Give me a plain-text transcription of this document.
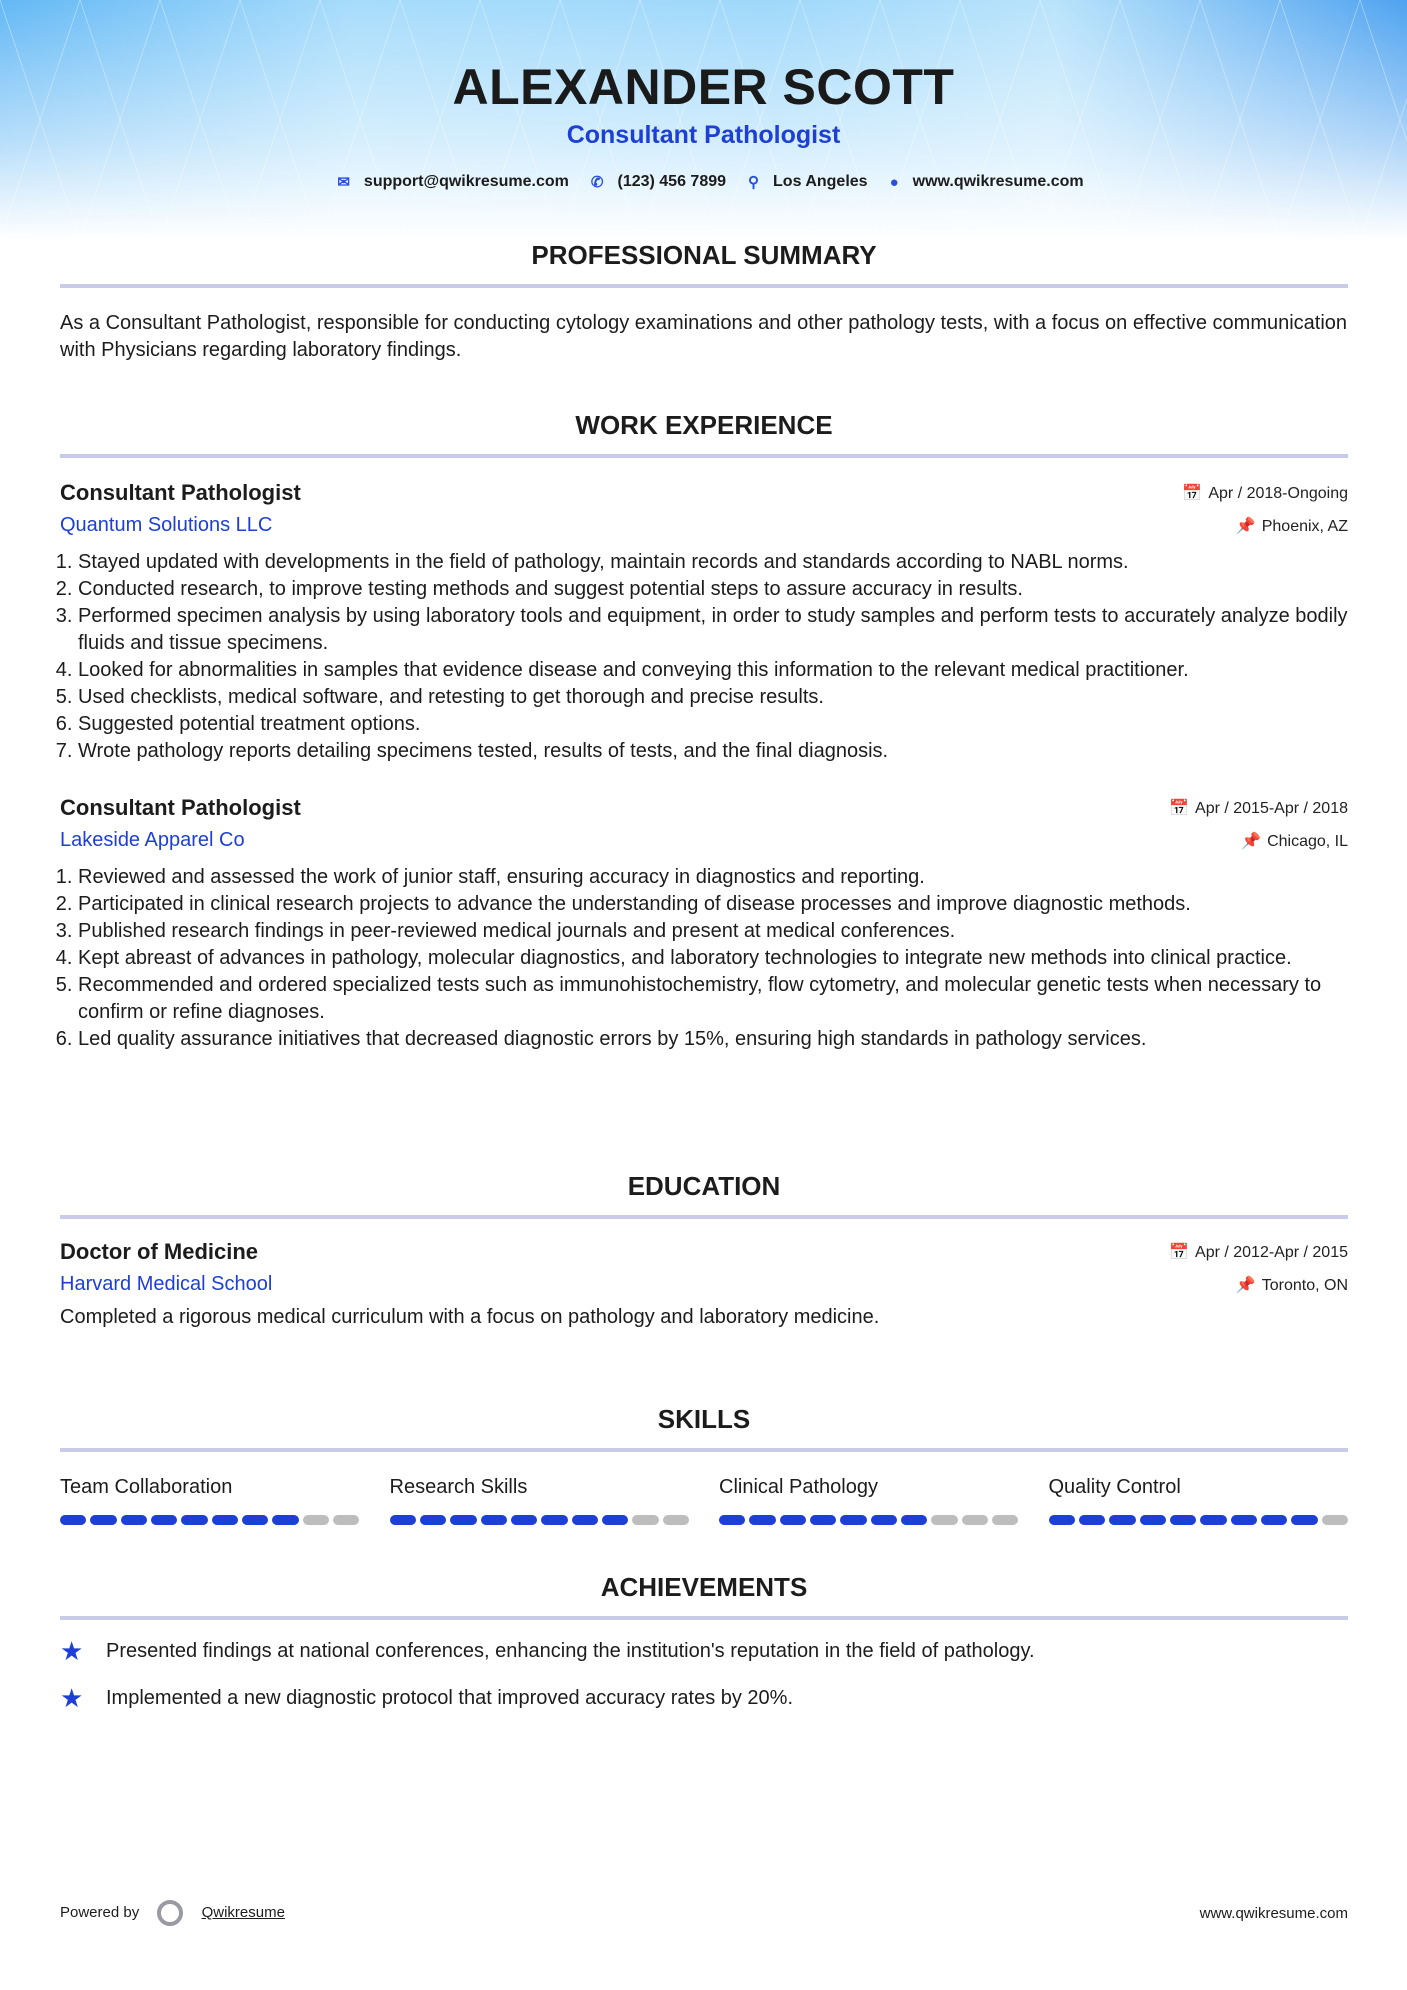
ALEXANDER SCOTT
Consultant Pathologist
✉ support@qwikresume.com ✆ (123) 456 7899 ⚲ Los Angeles ● www.qwikresume.com
PROFESSIONAL SUMMARY

As a Consultant Pathologist, responsible for conducting cytology examinations and other pathology tests, with a focus on effective communication with Physicians regarding laboratory findings.

WORK EXPERIENCE
Consultant Pathologist	📅 Apr / 2018-Ongoing
Quantum Solutions LLC	📌 Phoenix, AZ
1. Stayed updated with developments in the field of pathology, maintain records and standards according to NABL norms.
2. Conducted research, to improve testing methods and suggest potential steps to assure accuracy in results.
3. Performed specimen analysis by using laboratory tools and equipment, in order to study samples and perform tests to accurately analyze bodily fluids and tissue specimens.
4. Looked for abnormalities in samples that evidence disease and conveying this information to the relevant medical practitioner.
5. Used checklists, medical software, and retesting to get thorough and precise results.
6. Suggested potential treatment options.
7. Wrote pathology reports detailing specimens tested, results of tests, and the final diagnosis.
Consultant Pathologist	📅 Apr / 2015-Apr / 2018
Lakeside Apparel Co	📌 Chicago, IL
1. Reviewed and assessed the work of junior staff, ensuring accuracy in diagnostics and reporting.
2. Participated in clinical research projects to advance the understanding of disease processes and improve diagnostic methods.
3. Published research findings in peer-reviewed medical journals and present at medical conferences.
4. Kept abreast of advances in pathology, molecular diagnostics, and laboratory technologies to integrate new methods into clinical practice.
5. Recommended and ordered specialized tests such as immunohistochemistry, flow cytometry, and molecular genetic tests when necessary to confirm or refine diagnoses.
6. Led quality assurance initiatives that decreased diagnostic errors by 15%, ensuring high standards in pathology services.
EDUCATION
Doctor of Medicine	📅 Apr / 2012-Apr / 2015
Harvard Medical School	📌 Toronto, ON

Completed a rigorous medical curriculum with a focus on pathology and laboratory medicine.

SKILLS
Team Collaboration	Research Skills	Clinical Pathology	Quality Control
ACHIEVEMENTS
★	Presented findings at national conferences, enhancing the institution's reputation in the field of pathology.
★	Implemented a new diagnostic protocol that improved accuracy rates by 20%.
Powered by	Qwikresume	www.qwikresume.com
